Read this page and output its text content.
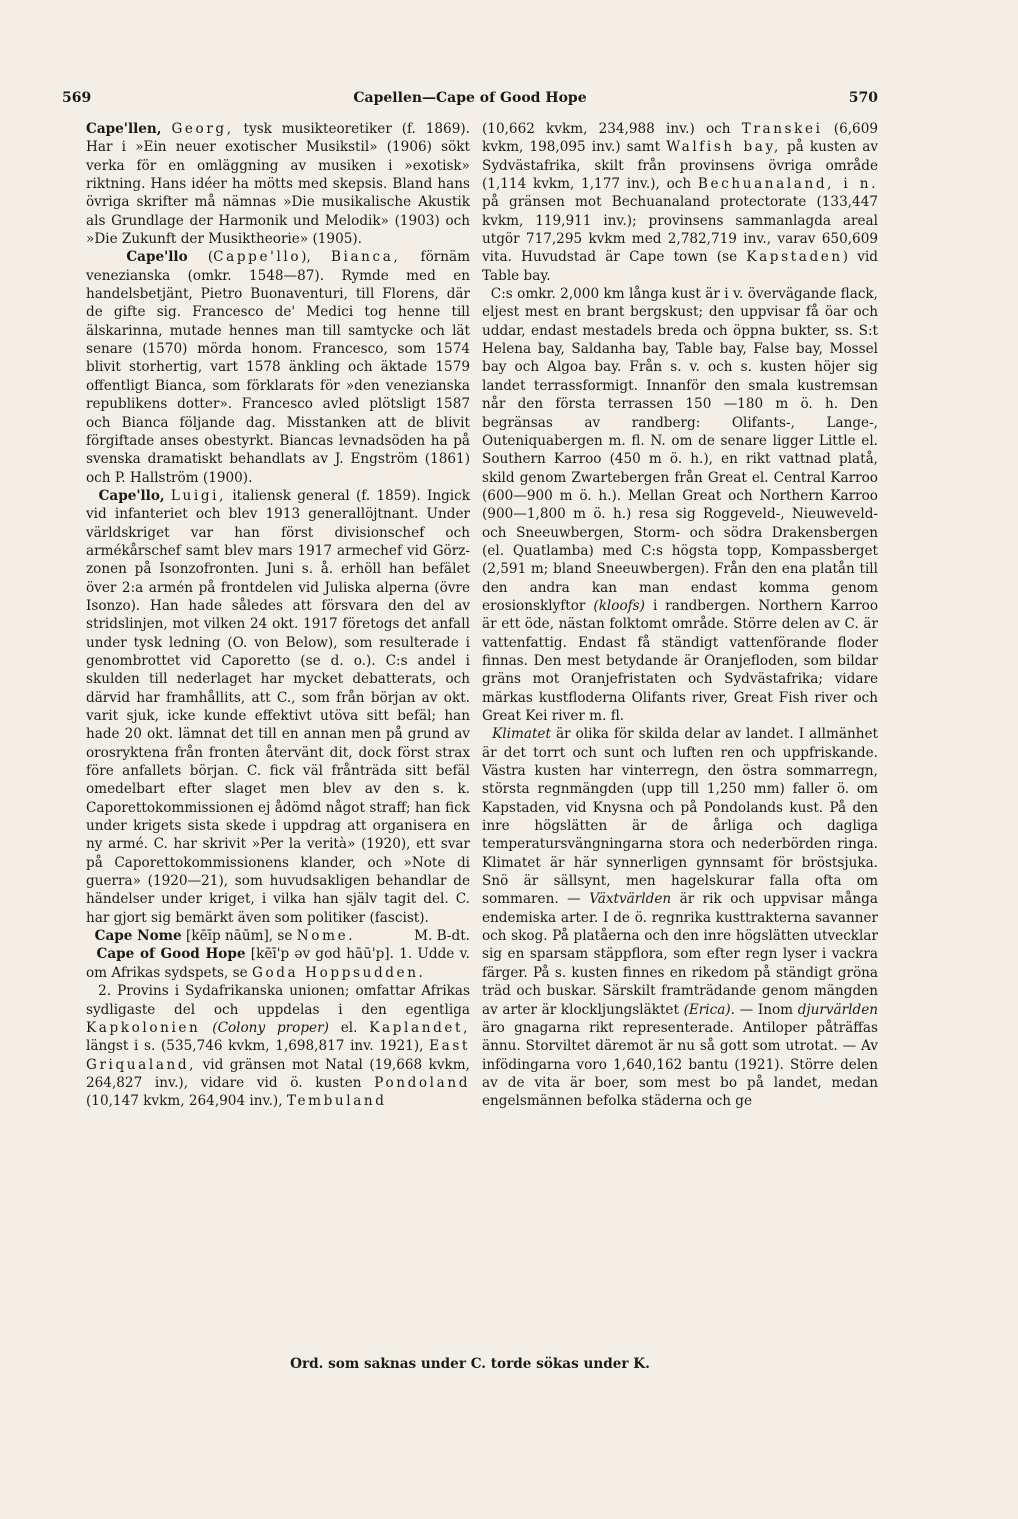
569	Capellen—Cape of Good Hope	570

Cape'llen, Georg, tysk musikteoretiker (f. 1869). Har i »Ein neuer exotischer Musikstil» (1906) sökt verka för en omläggning av musiken i »exotisk» riktning. Hans idéer ha mötts med skepsis. Bland hans övriga skrifter må nämnas »Die musikalische Akustik als Grundlage der Harmonik und Melodik» (1903) och »Die Zukunft der Musiktheorie» (1905).

Cape'llo (Cappe'llo), Bianca, förnäm venezianska (omkr. 1548—87). Rymde med en handelsbetjänt, Pietro Buonaventuri, till Florens, där de gifte sig. Francesco de' Medici tog henne till älskarinna, mutade hennes man till samtycke och lät senare (1570) mörda honom. Francesco, som 1574 blivit storhertig, vart 1578 änkling och äktade 1579 offentligt Bianca, som förklarats för »den venezianska republikens dotter». Francesco avled plötsligt 1587 och Bianca följande dag. Misstanken att de blivit förgiftade anses obestyrkt. Biancas levnadsöden ha på svenska dramatiskt behandlats av J. Engström (1861) och P. Hallström (1900).

Cape'llo, Luigi, italiensk general (f. 1859). Ingick vid infanteriet och blev 1913 generallöjtnant. Under världskriget var han först divisionschef och armékårschef samt blev mars 1917 armechef vid Görz-zonen på Isonzofronten. Juni s. å. erhöll han befälet över 2:a armén på frontdelen vid Juliska alperna (övre Isonzo). Han hade således att försvara den del av stridslinjen, mot vilken 24 okt. 1917 företogs det anfall under tysk ledning (O. von Below), som resulterade i genombrottet vid Caporetto (se d. o.). C:s andel i skulden till nederlaget har mycket debatterats, och därvid har framhållits, att C., som från början av okt. varit sjuk, icke kunde effektivt utöva sitt befäl; han hade 20 okt. lämnat det till en annan men på grund av orosryktena från fronten återvänt dit, dock först strax före anfallets början. C. fick väl frånträda sitt befäl omedelbart efter slaget men blev av den s. k. Caporettokommissionen ej ådömd något straff; han fick under krigets sista skede i uppdrag att organisera en ny armé. C. har skrivit »Per la verità» (1920), ett svar på Caporettokommissionens klander, och »Note di guerra» (1920—21), som huvudsakligen behandlar de händelser under kriget, i vilka han själv tagit del. C. har gjort sig bemärkt även som politiker (fascist).
M. B-dt.

Cape Nome [kēīp nāūm], se Nome.

Cape of Good Hope [kēī'p əv god hāū'p]. 1. Udde v. om Afrikas sydspets, se Goda Hoppsudden.

2. Provins i Sydafrikanska unionen; omfattar Afrikas sydligaste del och uppdelas i den egentliga Kapkolonien (Colony proper) el. Kaplandet, längst i s. (535,746 kvkm, 1,698,817 inv. 1921), East Griqualand, vid gränsen mot Natal (19,668 kvkm, 264,827 inv.), vidare vid ö. kusten Pondoland (10,147 kvkm, 264,904 inv.), Tembuland

(10,662 kvkm, 234,988 inv.) och Transkei (6,609 kvkm, 198,095 inv.) samt Walfish bay, på kusten av Sydvästafrika, skilt från provinsens övriga område (1,114 kvkm, 1,177 inv.), och Bechuanaland, i n. på gränsen mot Bechuanaland protectorate (133,447 kvkm, 119,911 inv.); provinsens sammanlagda areal utgör 717,295 kvkm med 2,782,719 inv., varav 650,609 vita. Huvudstad är Cape town (se Kapstaden) vid Table bay.

C:s omkr. 2,000 km långa kust är i v. övervägande flack, eljest mest en brant bergskust; den uppvisar få öar och uddar, endast mestadels breda och öppna bukter, ss. S:t Helena bay, Saldanha bay, Table bay, False bay, Mossel bay och Algoa bay. Från s. v. och s. kusten höjer sig landet terrassformigt. Innanför den smala kustremsan når den första terrassen 150 —180 m ö. h. Den begränsas av randberg: Olifants-, Lange-, Outeniquabergen m. fl. N. om de senare ligger Little el. Southern Karroo (450 m ö. h.), en rikt vattnad platå, skild genom Zwartebergen från Great el. Central Karroo (600—900 m ö. h.). Mellan Great och Northern Karroo (900—1,800 m ö. h.) resa sig Roggeveld-, Nieuweveld- och Sneeuwbergen, Storm- och södra Drakensbergen (el. Quatlamba) med C:s högsta topp, Kompassberget (2,591 m; bland Sneeuwbergen). Från den ena platån till den andra kan man endast komma genom erosionsklyftor (kloofs) i randbergen. Northern Karroo är ett öde, nästan folktomt område. Större delen av C. är vattenfattig. Endast få ständigt vattenförande floder finnas. Den mest betydande är Oranjefloden, som bildar gräns mot Oranjefristaten och Sydvästafrika; vidare märkas kustfloderna Olifants river, Great Fish river och Great Kei river m. fl.

Klimatet är olika för skilda delar av landet. I allmänhet är det torrt och sunt och luften ren och uppfriskande. Västra kusten har vinterregn, den östra sommarregn, största regnmängden (upp till 1,250 mm) faller ö. om Kapstaden, vid Knysna och på Pondolands kust. På den inre högslätten är de årliga och dagliga temperatursvängningarna stora och nederbörden ringa. Klimatet är här synnerligen gynnsamt för bröstsjuka. Snö är sällsynt, men hagelskurar falla ofta om sommaren. — Växtvärlden är rik och uppvisar många endemiska arter. I de ö. regnrika kusttrakterna savanner och skog. På platåerna och den inre högslätten utvecklar sig en sparsam stäppflora, som efter regn lyser i vackra färger. På s. kusten finnes en rikedom på ständigt gröna träd och buskar. Särskilt framträdande genom mängden av arter är klockljungsläktet (Erica). — Inom djurvärlden äro gnagarna rikt representerade. Antiloper påträffas ännu. Storviltet däremot är nu så gott som utrotat. — Av infödingarna voro 1,640,162 bantu (1921). Större delen av de vita är boer, som mest bo på landet, medan engelsmännen befolka städerna och ge

Ord. som saknas under C. torde sökas under K.
